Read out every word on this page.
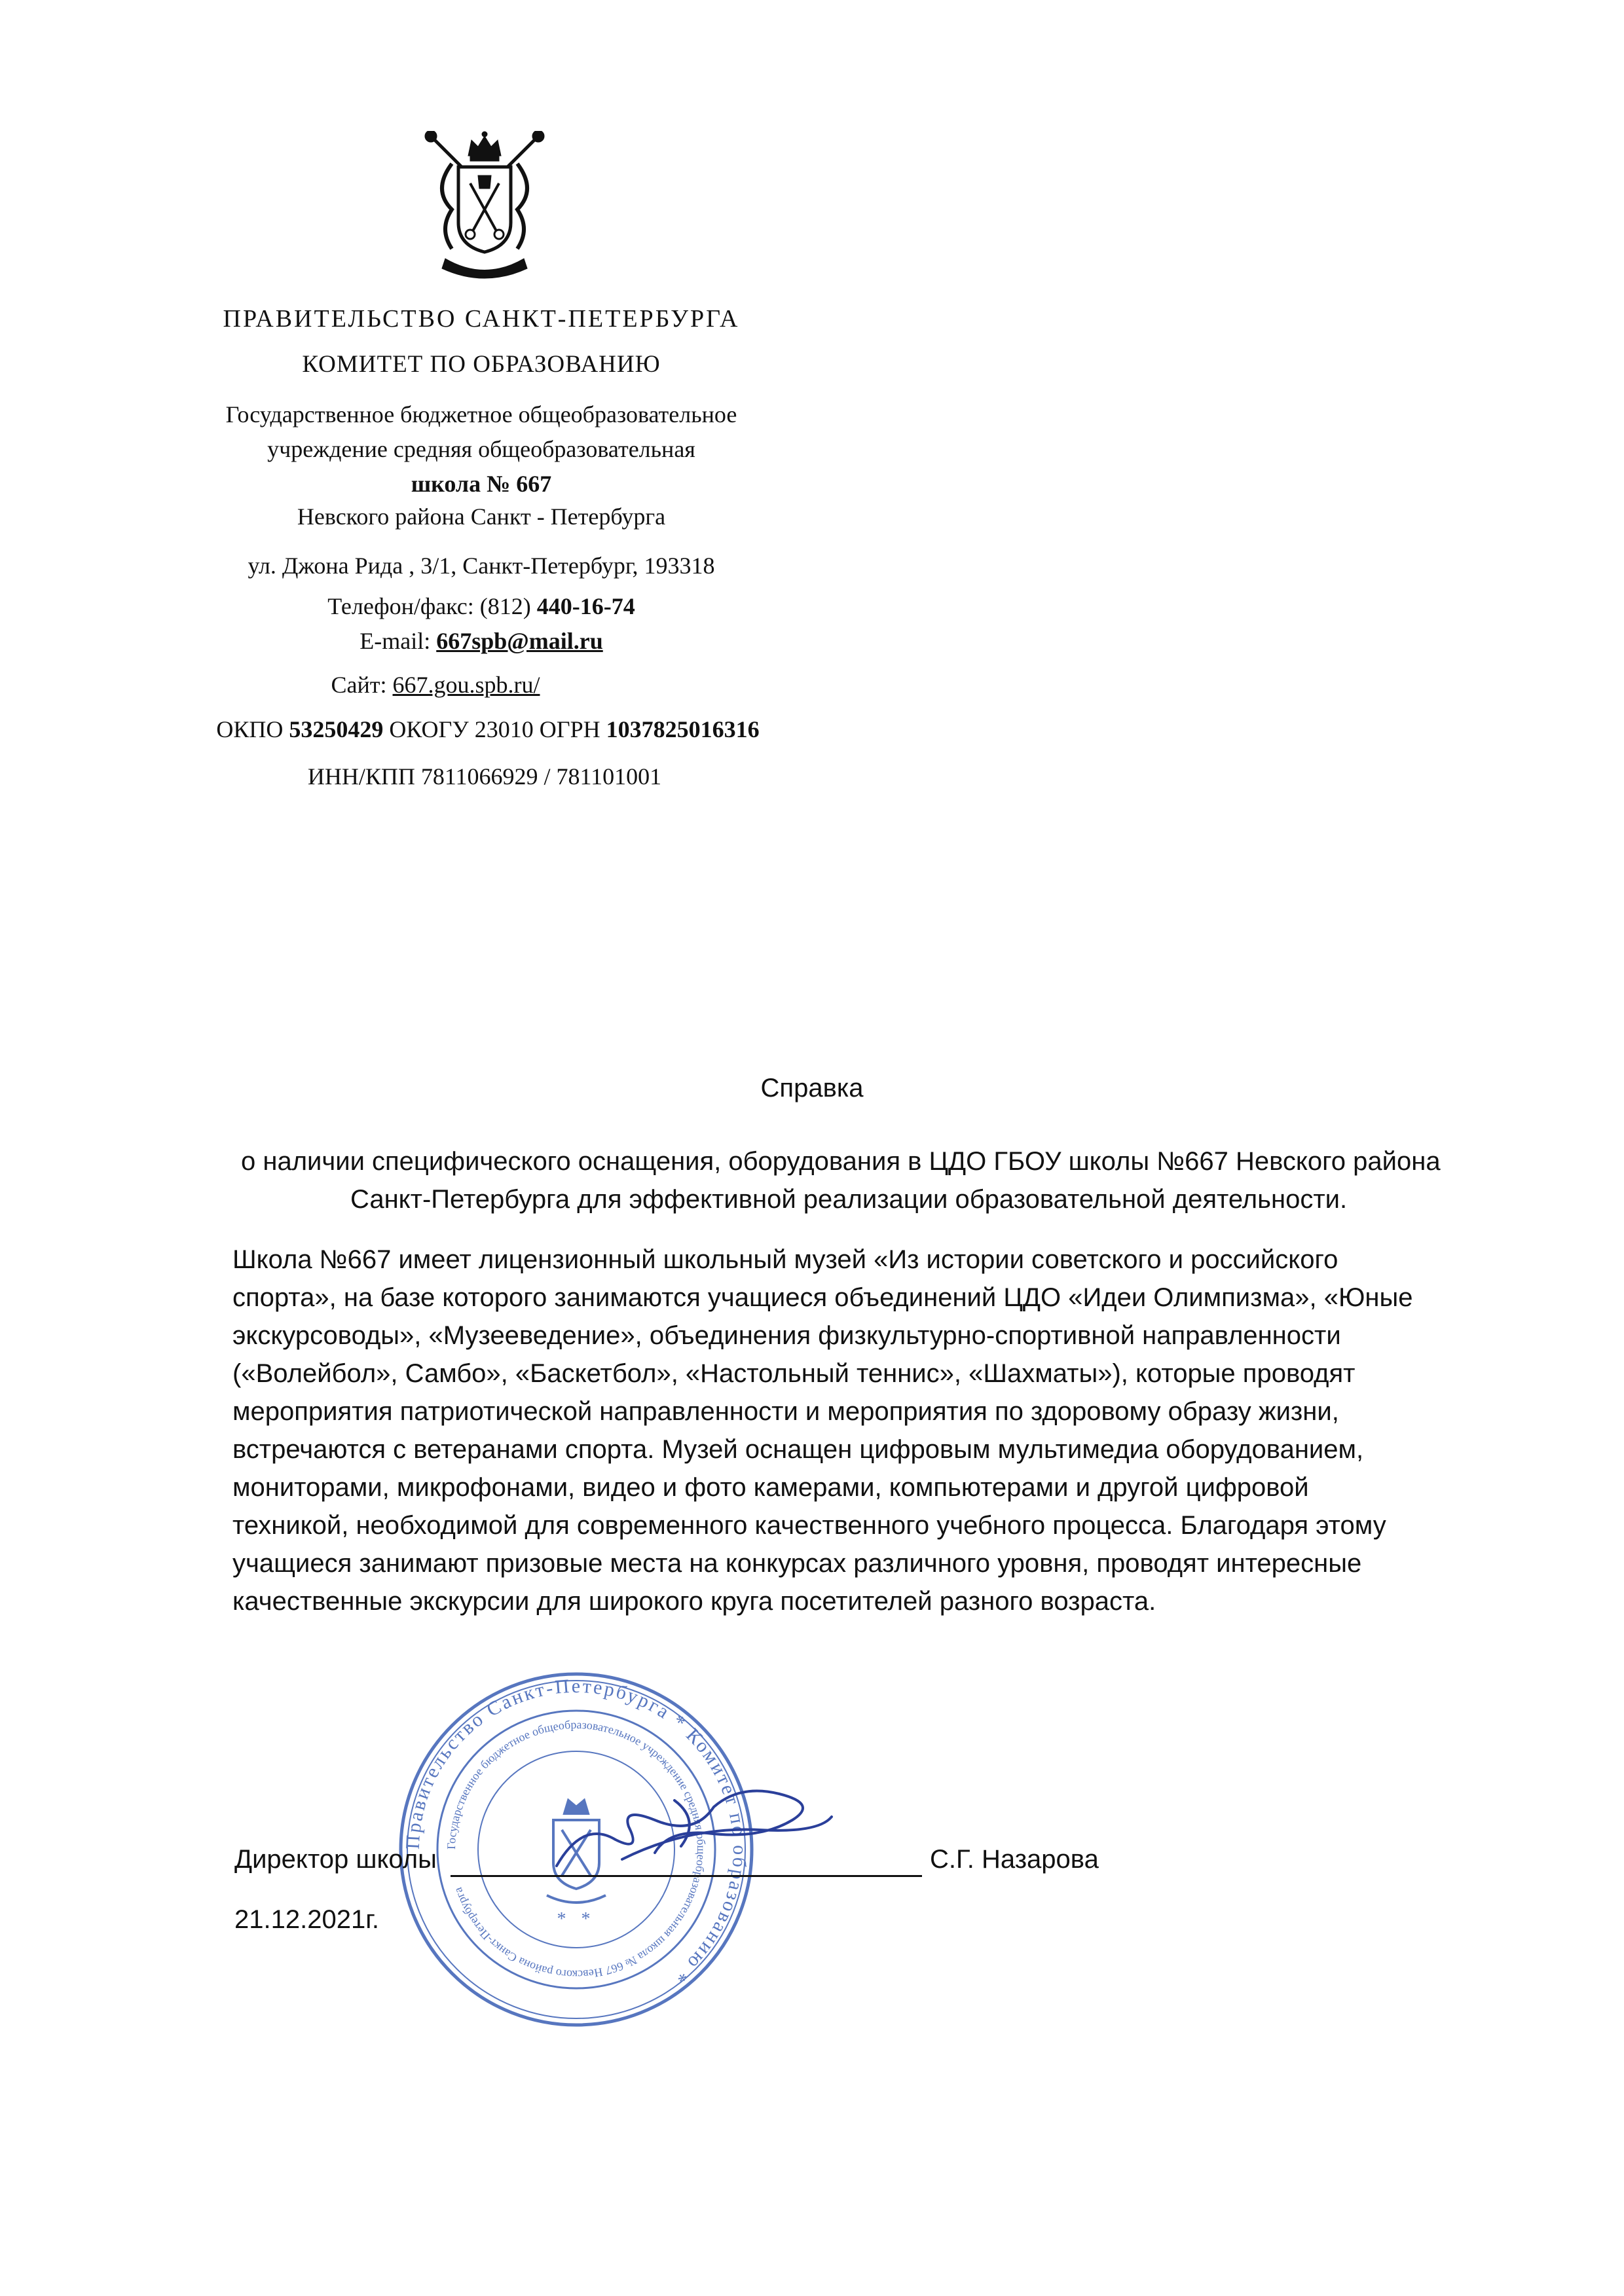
ПРАВИТЕЛЬСТВО САНКТ-ПЕТЕРБУРГА
КОМИТЕТ ПО ОБРАЗОВАНИЮ
Государственное бюджетное общеобразовательное
учреждение средняя общеобразовательная
школа № 667
Невского района Санкт - Петербурга
ул. Джона Рида , 3/1, Санкт-Петербург, 193318
Телефон/факс: (812) 440-16-74
E-mail: 667spb@mail.ru
Сайт: 667.gou.spb.ru/
ОКПО 53250429 ОКОГУ 23010 ОГРН 1037825016316
ИНН/КПП 7811066929 / 781101001
Справка
о наличии специфического оснащения, оборудования в ЦДО ГБОУ школы №667 Невского района
Санкт-Петербурга для эффективной реализации образовательной деятельности.
Школа №667 имеет лицензионный школьный музей «Из истории советского и российского
спорта», на базе которого занимаются учащиеся объединений ЦДО «Идеи Олимпизма», «Юные
экскурсоводы», «Музееведение», объединения физкультурно-спортивной направленности
(«Волейбол», Самбо», «Баскетбол», «Настольный теннис», «Шахматы»), которые проводят
мероприятия патриотической направленности и мероприятия по здоровому образу жизни,
встречаются с ветеранами спорта. Музей оснащен цифровым мультимедиа оборудованием,
мониторами, микрофонами, видео и фото камерами, компьютерами и другой цифровой
техникой, необходимой для современного качественного учебного процесса. Благодаря этому
учащиеся занимают призовые места на конкурсах различного уровня, проводят интересные
качественные экскурсии для широкого круга посетителей разного возраста.
Правительство Санкт-Петербурга * Комитет по образованию *
Государственное бюджетное общеобразовательное учреждение средняя общеобразовательная школа № 667 Невского района Санкт-Петербурга
* *
Директор школы	С.Г. Назарова
21.12.2021г.
